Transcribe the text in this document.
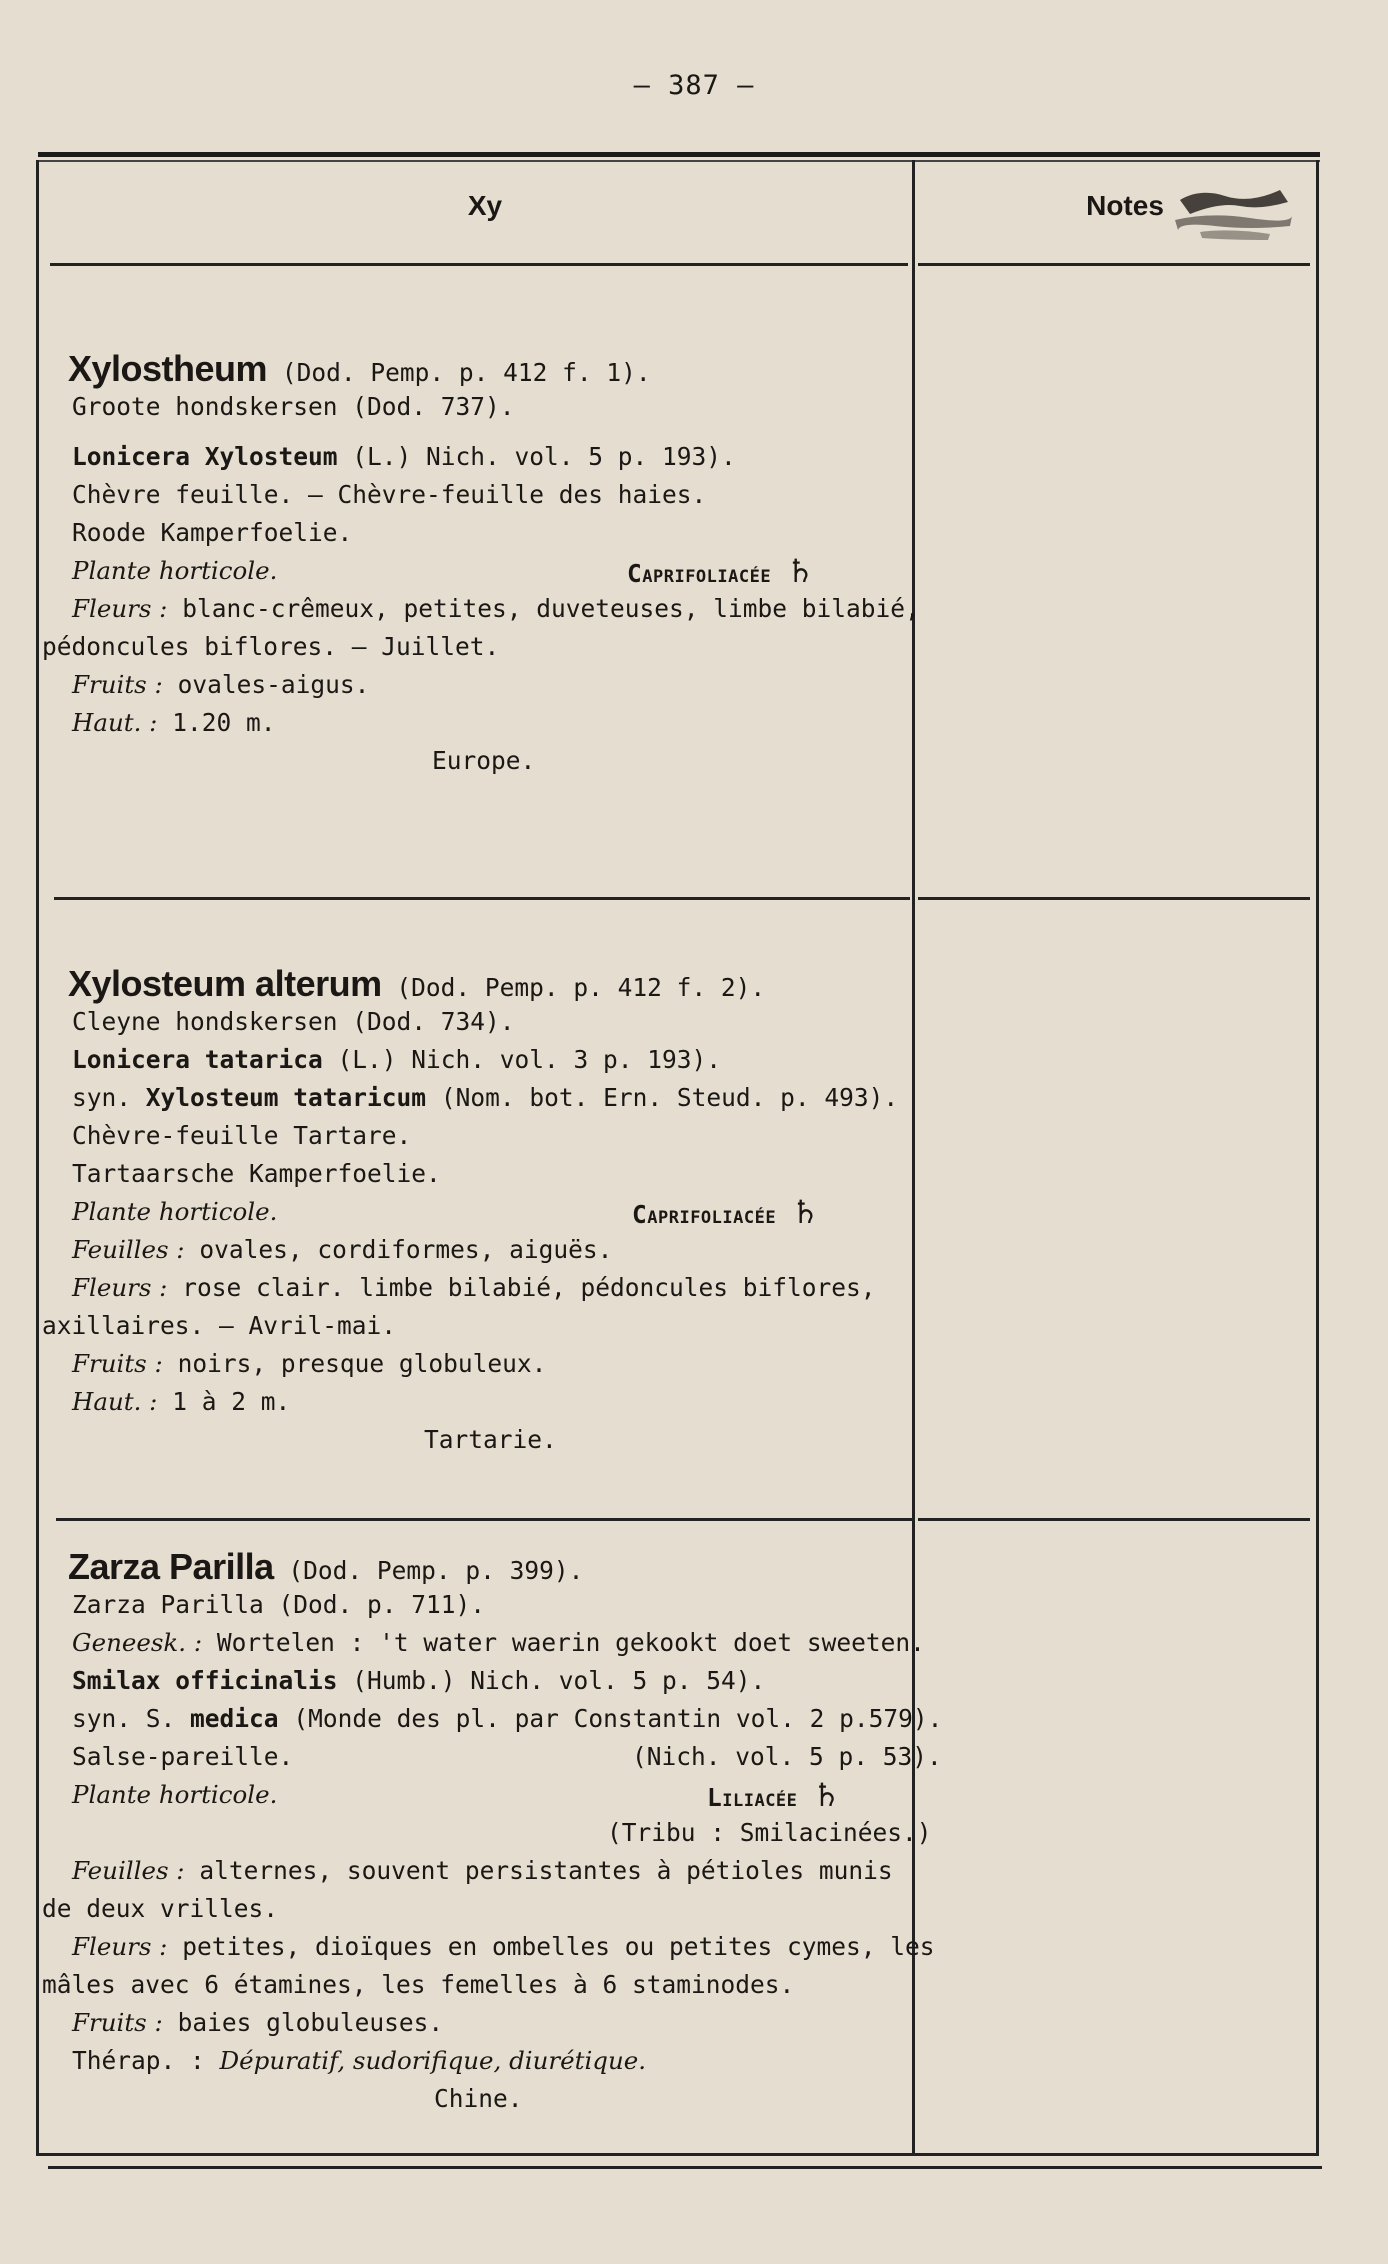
— 387 —
Xy	Notes
Xylostheum (Dod. Pemp. p. 412 f. 1).
Groote hondskersen (Dod. 737).
Lonicera Xylosteum (L.) Nich. vol. 5 p. 193).
Chèvre feuille. — Chèvre-feuille des haies.
Roode Kamperfoelie.
Plante horticole.	Caprifoliacée ♄
Fleurs : blanc-crêmeux, petites, duveteuses, limbe bilabié,
pédoncules biflores. — Juillet.
Fruits : ovales-aigus.
Haut. : 1.20 m.
Europe.
Xylosteum alterum (Dod. Pemp. p. 412 f. 2).
Cleyne hondskersen (Dod. 734).
Lonicera tatarica (L.) Nich. vol. 3 p. 193).
syn. Xylosteum tataricum (Nom. bot. Ern. Steud. p. 493).
Chèvre-feuille Tartare.
Tartaarsche Kamperfoelie.
Plante horticole.	Caprifoliacée ♄
Feuilles : ovales, cordiformes, aiguës.
Fleurs : rose clair. limbe bilabié, pédoncules biflores,
axillaires. — Avril-mai.
Fruits : noirs, presque globuleux.
Haut. : 1 à 2 m.
Tartarie.
Zarza Parilla (Dod. Pemp. p. 399).
Zarza Parilla (Dod. p. 711).
Geneesk. : Wortelen : 't water waerin gekookt doet sweeten.
Smilax officinalis (Humb.) Nich. vol. 5 p. 54).
syn. S. medica (Monde des pl. par Constantin vol. 2 p.579).
Salse-pareille.	(Nich. vol. 5 p. 53).
Plante horticole.	Liliacée ♄
(Tribu : Smilacinées.)
Feuilles : alternes, souvent persistantes à pétioles munis
de deux vrilles.
Fleurs : petites, dioïques en ombelles ou petites cymes, les
mâles avec 6 étamines, les femelles à 6 staminodes.
Fruits : baies globuleuses.
Thérap. : Dépuratif, sudorifique, diurétique.
Chine.
